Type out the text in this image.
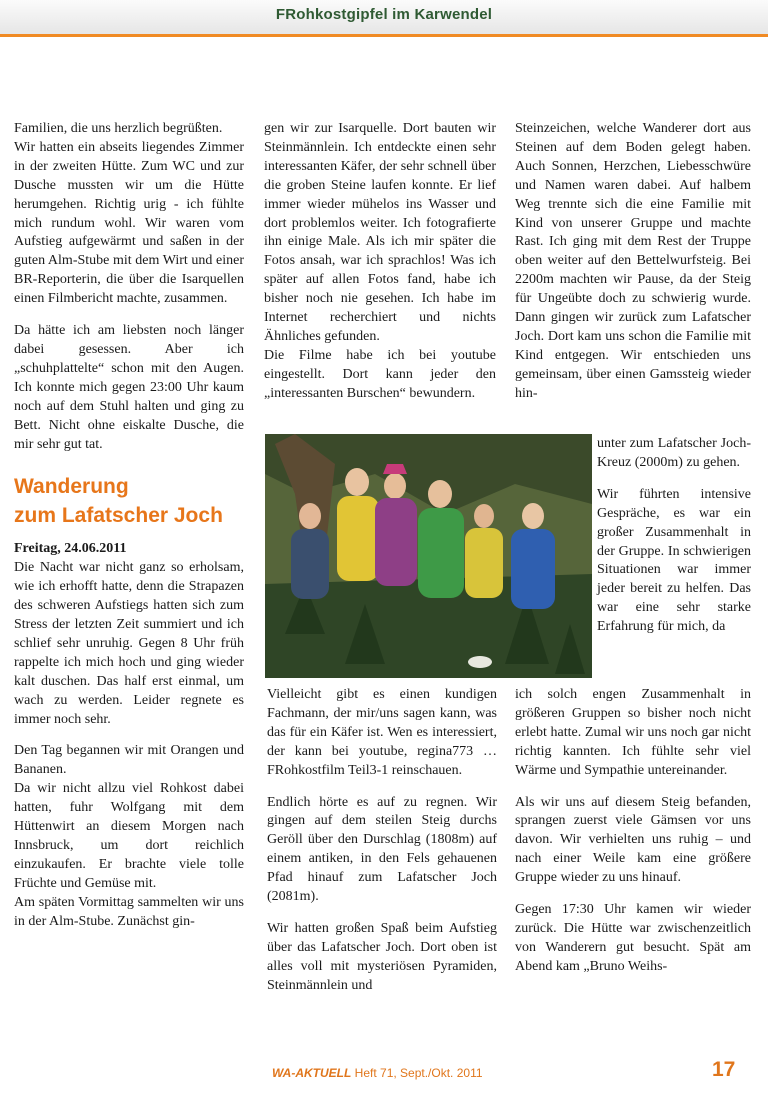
FRohkostgipfel im Karwendel

Familien, die uns herzlich begrüßten.

Wir hatten ein abseits liegendes Zimmer in der zweiten Hütte. Zum WC und zur Dusche mussten wir um die Hütte herumgehen. Richtig urig - ich fühlte mich rundum wohl. Wir waren vom Aufstieg aufgewärmt und saßen in der guten Alm-Stube mit dem Wirt und einer BR-Reporterin, die über die Isarquellen einen Filmbericht machte, zusammen.

Da hätte ich am liebsten noch länger dabei gesessen. Aber ich „schuhplattelte“ schon mit den Augen. Ich konnte mich gegen 23:00 Uhr kaum noch auf dem Stuhl halten und ging zu Bett. Nicht ohne eiskalte Dusche, die mir sehr gut tat.

Wanderung

zum Lafatscher Joch

Freitag, 24.06.2011

Die Nacht war nicht ganz so erholsam, wie ich erhofft hatte, denn die Strapazen des schweren Aufstiegs hatten sich zum Stress der letzten Zeit summiert und ich schlief sehr unruhig. Gegen 8 Uhr früh rappelte ich mich hoch und ging wieder kalt duschen. Das half erst einmal, um wach zu werden. Leider regnete es immer noch sehr.

Den Tag begannen wir mit Orangen und Bananen.

Da wir nicht allzu viel Rohkost dabei hatten, fuhr Wolfgang mit dem Hüttenwirt an diesem Morgen nach Innsbruck, um dort reichlich einzukaufen. Er brachte viele tolle Früchte und Gemüse mit.

Am späten Vormittag sammelten wir uns in der Alm-Stube. Zunächst gin-

gen wir zur Isarquelle. Dort bauten wir Steinmännlein. Ich entdeckte einen sehr interessanten Käfer, der sehr schnell über die groben Steine laufen konnte. Er lief immer wieder mühelos ins Wasser und dort problemlos weiter. Ich fotografierte ihn einige Male. Als ich mir später die Fotos ansah, war ich sprachlos! Was ich später auf allen Fotos fand, habe ich bisher noch nie gesehen. Ich habe im Internet recherchiert und nichts Ähnliches gefunden.

Die Filme habe ich bei youtube eingestellt. Dort kann jeder den „interessanten Burschen“ bewundern.

Vielleicht gibt es einen kundigen Fachmann, der mir/uns sagen kann, was das für ein Käfer ist. Wen es interessiert, der kann bei youtube, regina773 … FRohkostfilm Teil3-1 reinschauen.

Endlich hörte es auf zu regnen. Wir gingen auf dem steilen Steig durchs Geröll über den Durschlag (1808m) auf einem antiken, in den Fels gehauenen Pfad hinauf zum Lafatscher Joch (2081m).

Wir hatten großen Spaß beim Aufstieg über das Lafatscher Joch. Dort oben ist alles voll mit mysteriösen Pyramiden, Steinmännlein und

Steinzeichen, welche Wanderer dort aus Steinen auf dem Boden gelegt haben. Auch Sonnen, Herzchen, Liebesschwüre und Namen waren dabei. Auf halbem Weg trennte sich die eine Familie mit Kind von unserer Gruppe und machte Rast. Ich ging mit dem Rest der Truppe oben weiter auf den Bettelwurfsteig. Bei 2200m machten wir Pause, da der Steig für Ungeübte doch zu schwierig wurde. Dann gingen wir zurück zum Lafatscher Joch. Dort kam uns schon die Familie mit Kind entgegen. Wir entschieden uns gemeinsam, über einen Gamssteig wieder hin-

unter zum Lafatscher Joch-Kreuz (2000m) zu gehen.

Wir führten intensive Gespräche, es war ein großer Zusammenhalt in der Gruppe. In schwierigen Situationen war immer jeder bereit zu helfen. Das war eine sehr starke Erfahrung für mich, da

ich solch engen Zusammenhalt in größeren Gruppen so bisher noch nicht erlebt hatte. Zumal wir uns noch gar nicht richtig kannten. Ich fühlte sehr viel Wärme und Sympathie untereinander.

Als wir uns auf diesem Steig befanden, sprangen zuerst viele Gämsen vor uns davon. Wir verhielten uns ruhig – und nach einer Weile kam eine größere Gruppe wieder zu uns hinauf.

Gegen 17:30 Uhr kamen wir wieder zurück. Die Hütte war zwischenzeitlich von Wanderern gut besucht. Spät am Abend kam „Bruno Weihs-

WA-AKTUELL Heft 71, Sept./Okt. 2011	17
